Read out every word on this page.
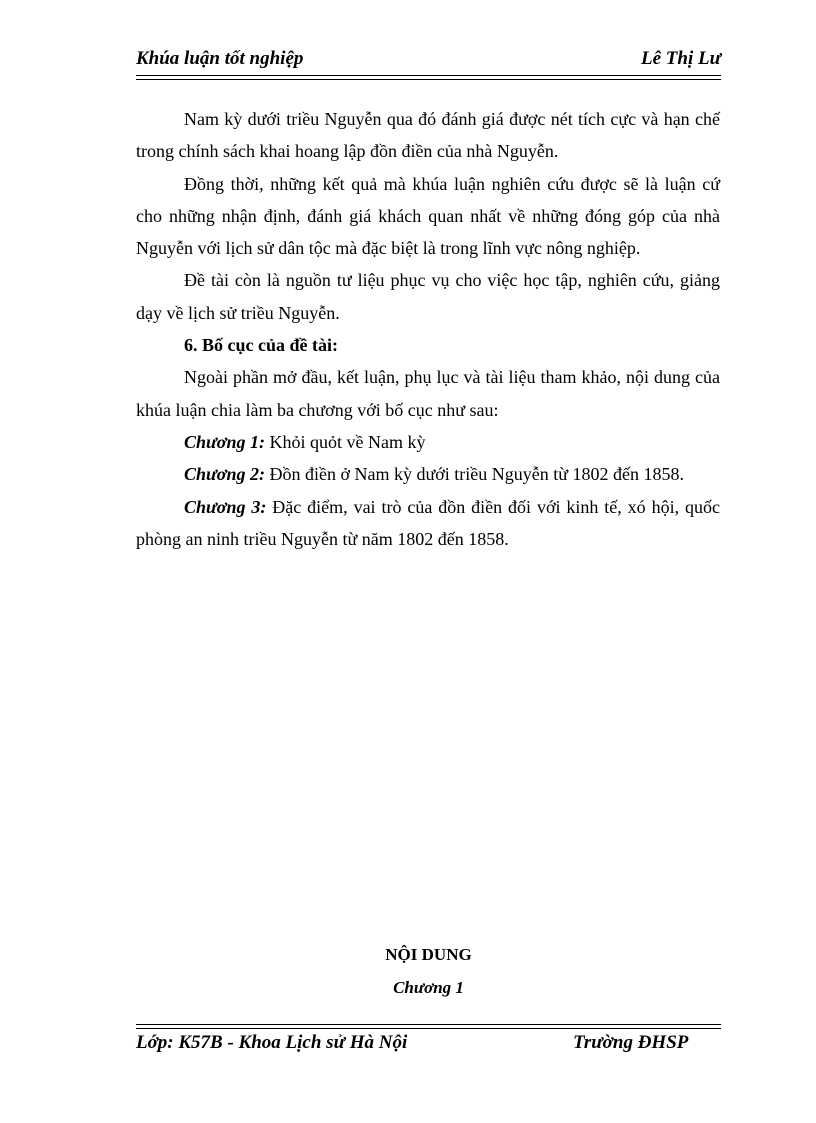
Khúa luận tốt nghiệp	Lê Thị Lư

Nam kỳ dưới triều Nguyễn qua đó đánh giá được nét tích cực và hạn chế trong chính sách khai hoang lập đồn điền của nhà Nguyễn.

Đồng thời, những kết quả mà khúa luận nghiên cứu được sẽ là luận cứ cho những nhận định, đánh giá khách quan nhất về những đóng góp của nhà Nguyễn với lịch sử dân tộc mà đặc biệt là trong lĩnh vực nông nghiệp.

Đề tài còn là nguồn tư liệu phục vụ cho việc học tập, nghiên cứu, giảng dạy về lịch sử triều Nguyễn.

6. Bố cục của đề tài:

Ngoài phần mở đầu, kết luận, phụ lục và tài liệu tham khảo, nội dung của khúa luận chia làm ba chương với bố cục như sau:

Chương 1: Khỏi quỏt về Nam kỳ

Chương 2: Đồn điền ở Nam kỳ dưới triều Nguyễn từ 1802 đến 1858.

Chương 3: Đặc điểm, vai trò của đồn điền đối với kinh tế, xó hội, quốc phòng an ninh triều Nguyễn từ năm 1802 đến 1858.

NỘI DUNG
Chương 1
Lớp: K57B - Khoa Lịch sử Hà Nội	Trường ĐHSP
